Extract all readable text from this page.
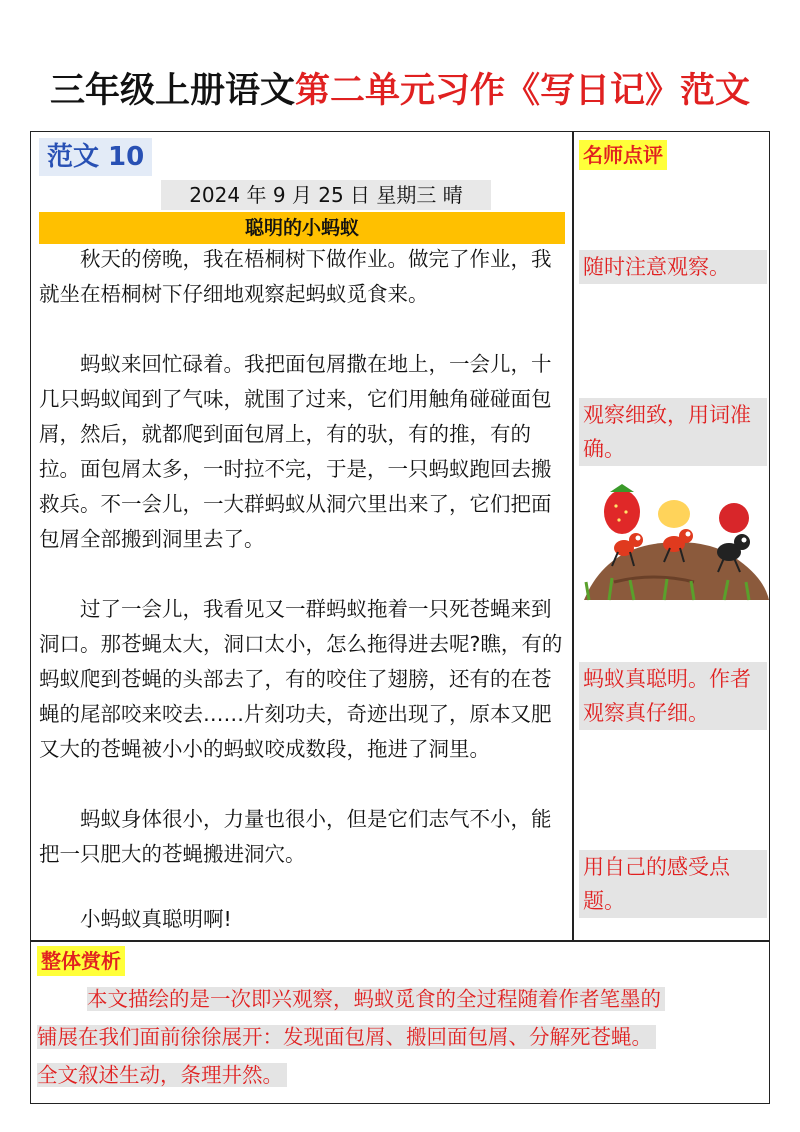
三年级上册语文第二单元习作《写日记》范文
范文 10
2024 年 9 月 25 日 星期三 晴
聪明的小蚂蚁

秋天的傍晚，我在梧桐树下做作业。做完了作业，我就坐在梧桐树下仔细地观察起蚂蚁觅食来。

蚂蚁来回忙碌着。我把面包屑撒在地上，一会儿，十几只蚂蚁闻到了气味，就围了过来，它们用触角碰碰面包屑，然后，就都爬到面包屑上，有的驮，有的推，有的拉。面包屑太多，一时拉不完，于是，一只蚂蚁跑回去搬救兵。不一会儿，一大群蚂蚁从洞穴里出来了，它们把面包屑全部搬到洞里去了。

过了一会儿，我看见又一群蚂蚁拖着一只死苍蝇来到洞口。那苍蝇太大，洞口太小，怎么拖得进去呢?瞧，有的蚂蚁爬到苍蝇的头部去了，有的咬住了翅膀，还有的在苍蝇的尾部咬来咬去……片刻功夫，奇迹出现了，原本又肥又大的苍蝇被小小的蚂蚁咬成数段，拖进了洞里。

蚂蚁身体很小，力量也很小，但是它们志气不小，能把一只肥大的苍蝇搬进洞穴。

小蚂蚁真聪明啊!

名师点评
随时注意观察。
观察细致，用词准确。
蚂蚁真聪明。作者观察真仔细。
用自己的感受点题。
整体赏析
本文描绘的是一次即兴观察，蚂蚁觅食的全过程随着作者笔墨的
铺展在我们面前徐徐展开：发现面包屑、搬回面包屑、分解死苍蝇。
全文叙述生动，条理井然。
